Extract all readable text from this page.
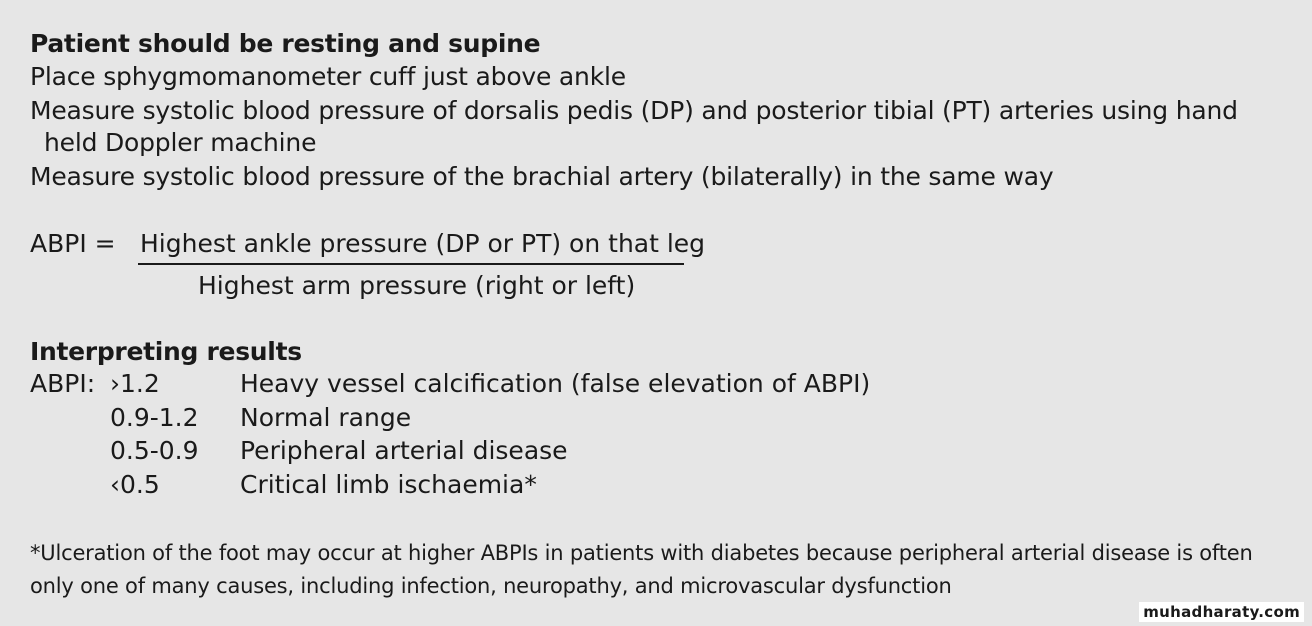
Patient should be resting and supine
Place sphygmomanometer cuff just above ankle
Measure systolic blood pressure of dorsalis pedis (DP) and posterior tibial (PT) arteries using hand
held Doppler machine
Measure systolic blood pressure of the brachial artery (bilaterally) in the same way
ABPI = Highest ankle pressure (DP or PT) on that leg
Highest arm pressure (right or left)
Interpreting results
ABPI: ›1.2	Heavy vessel calcification (false elevation of ABPI)
0.9-1.2 Normal range
0.5-0.9 Peripheral arterial disease
‹0.5	Critical limb ischaemia*
*Ulceration of the foot may occur at higher ABPIs in patients with diabetes because peripheral arterial disease is often
only one of many causes, including infection, neuropathy, and microvascular dysfunction
muhadharaty.com
